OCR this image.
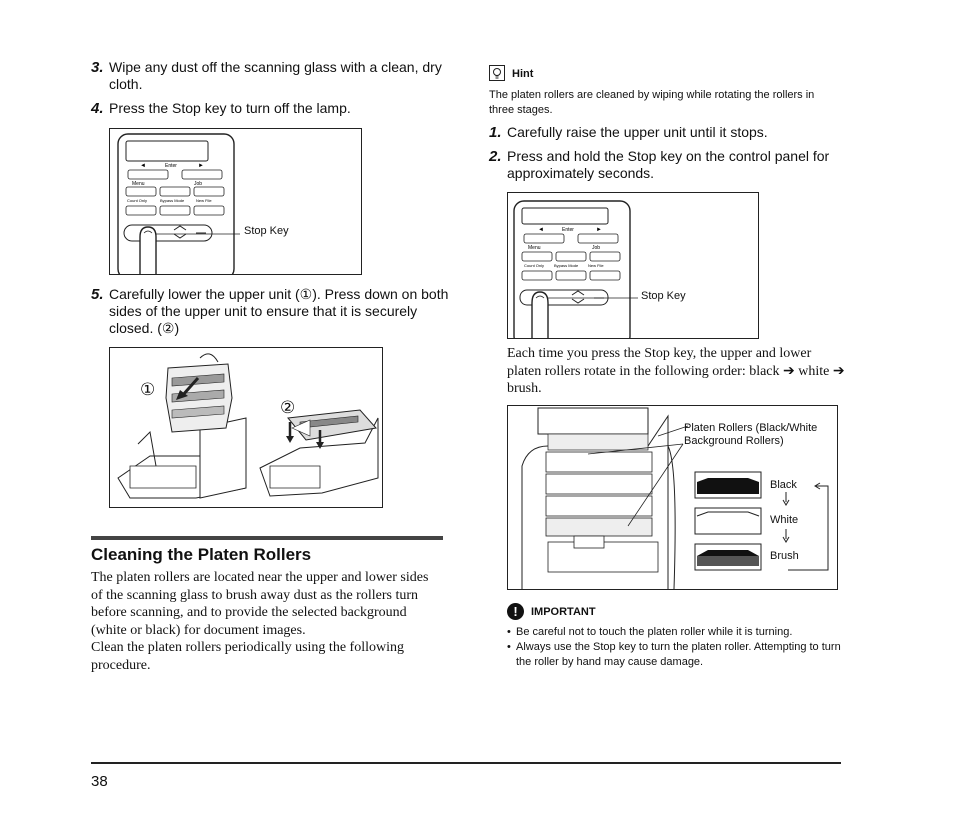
3. Wipe any dust off the scanning glass with a clean, dry cloth.
4. Press the Stop key to turn off the lamp.
◄	►
Enter
Menu	Job
Count Only	Bypass Mode	New File
Stop Key
5. Carefully lower the upper unit (①). Press down on both sides of the upper unit to ensure that it is securely closed. (②)
①
②
Cleaning the Platen Rollers
The platen rollers are located near the upper and lower sides of the scanning glass to brush away dust as the rollers turn before scanning, and to provide the selected background (white or black) for document images.
Clean the platen rollers periodically using the following procedure.
Hint
The platen rollers are cleaned by wiping while rotating the rollers in three stages.
1. Carefully raise the upper unit until it stops.
2. Press and hold the Stop key on the control panel for approximately seconds.
◄	►
Enter
Menu	Job
Count Only Bypass Mode New File
Stop Key
Each time you press the Stop key, the upper and lower platen rollers rotate in the following order: black ➔ white ➔ brush.
Platen Rollers (Black/White
Background Rollers)
Black
White
Brush
!	IMPORTANT
• Be careful not to touch the platen roller while it is turning.
• Always use the Stop key to turn the platen roller. Attempting to turn the roller by hand may cause damage.
38
